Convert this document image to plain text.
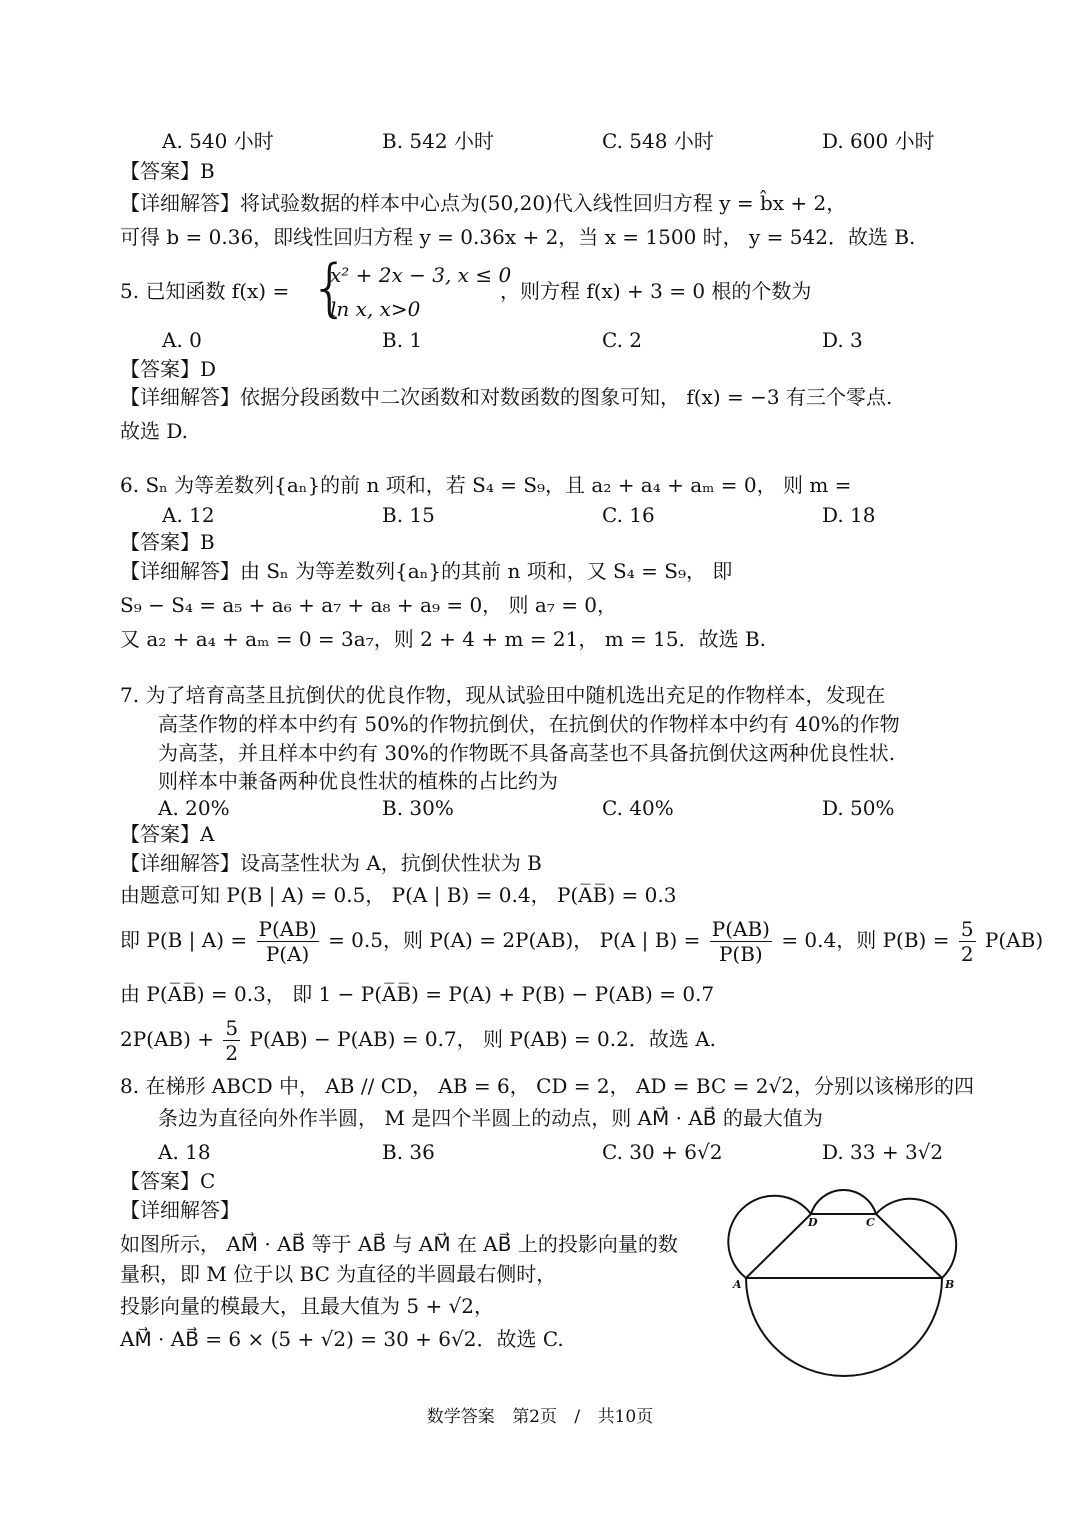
A. 540 小时	B. 542 小时	C. 548 小时	D. 600 小时
【答案】B
【详细解答】将试验数据的样本中心点为(50,20)代入线性回归方程 y = b̂x + 2，
可得 b = 0.36，即线性回归方程 y = 0.36x + 2，当 x = 1500 时， y = 542．故选 B.
5. 已知函数 f(x) = {
x² + 2x − 3, x ≤ 0
ln x, x>0
，则方程 f(x) + 3 = 0 根的个数为
A. 0	B. 1	C. 2	D. 3
【答案】D
【详细解答】依据分段函数中二次函数和对数函数的图象可知， f(x) = −3 有三个零点.
故选 D.
6. Sₙ 为等差数列{aₙ}的前 n 项和，若 S₄ = S₉，且 a₂ + a₄ + aₘ = 0， 则 m =
A. 12	B. 15	C. 16	D. 18
【答案】B
【详细解答】由 Sₙ 为等差数列{aₙ}的其前 n 项和，又 S₄ = S₉， 即
S₉ − S₄ = a₅ + a₆ + a₇ + a₈ + a₉ = 0， 则 a₇ = 0，
又 a₂ + a₄ + aₘ = 0 = 3a₇，则 2 + 4 + m = 21， m = 15．故选 B.
7. 为了培育高茎且抗倒伏的优良作物，现从试验田中随机选出充足的作物样本，发现在
高茎作物的样本中约有 50%的作物抗倒伏，在抗倒伏的作物样本中约有 40%的作物
为高茎，并且样本中约有 30%的作物既不具备高茎也不具备抗倒伏这两种优良性状.
则样本中兼备两种优良性状的植株的占比约为
A. 20%	B. 30%	C. 40%	D. 50%
【答案】A
【详细解答】设高茎性状为 A，抗倒伏性状为 B
由题意可知 P(B | A) = 0.5， P(A | B) = 0.4， P(A̅B̅) = 0.3
即 P(B | $A) = \frac{P(AB)}{P(A)} = 0.5$，则 P(A) = 2P(AB)， P(A | $B) = \frac{P(AB)}{P(B)} = 0.4$，则 $P(B) = \frac{5}{2} P(AB)$
由 P(A̅B̅) = 0.3， 即 1 − P(A̅B̅) = P(A) + P(B) − P(AB) = 0.7
$2P(AB) + \frac{5}{2} P(AB) - P(AB) = 0.7$， 则 P(AB) = 0.2．故选 A.
8. 在梯形 ABCD 中， AB // CD， AB = 6， CD = 2， AD = BC = 2√2，分别以该梯形的四
条边为直径向外作半圆， M 是四个半圆上的动点，则 AM⃗ · AB⃗ 的最大值为
A. 18	B. 36	C. 30 + 6√2	D. 33 + 3√2
【答案】C
【详细解答】
如图所示， AM⃗ · AB⃗ 等于 AB⃗ 与 AM⃗ 在 AB⃗ 上的投影向量的数
量积，即 M 位于以 BC 为直径的半圆最右侧时，
投影向量的模最大，且最大值为 5 + √2，
AM⃗ · AB⃗ = 6 × (5 + √2) = 30 + 6√2．故选 C.
A	B
C
D
数学答案 第2页 / 共10页
